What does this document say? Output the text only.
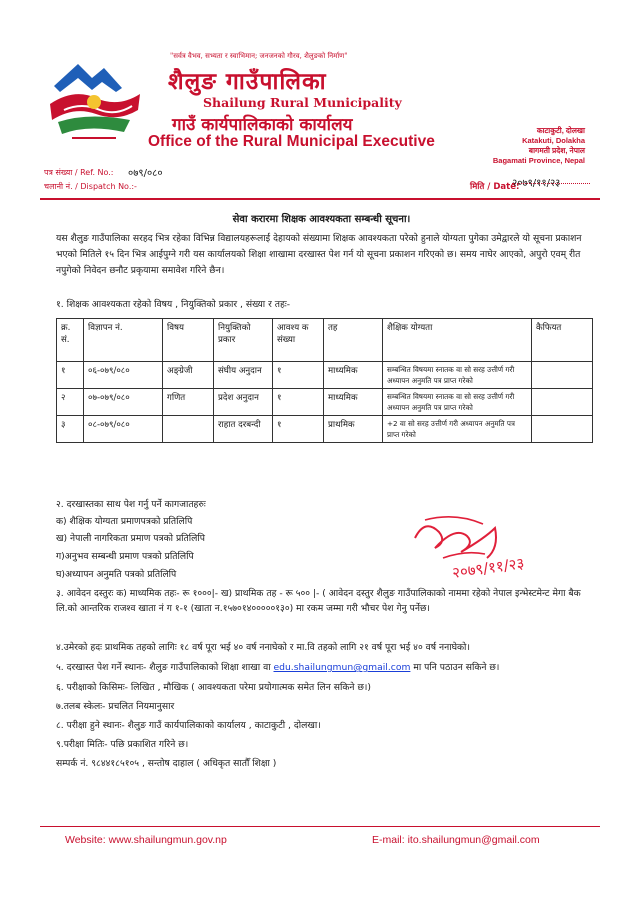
"सर्वत्र वैभव, सभ्यता र स्वाभिमान; जनजनको गौरव, शैलुङको निर्माण"
शैलुङ गाउँपालिका
Shailung Rural Municipality
गाउँ कार्यपालिकाको कार्यालय
Office of the Rural Municipal Executive
काटाकुटी, दोलखा
Katakuti, Dolakha
बागमती प्रदेश, नेपाल
Bagamati Province, Nepal
पत्र संख्या / Ref. No.: ०७९/०८०
चलानी नं. / Dispatch No.:-	मिति / Date:
२०७९/११/२३
सेवा करारमा शिक्षक आवश्यकता सम्बन्धी सूचना।
यस शैलुङ गाउँपालिका सरहद भित्र रहेका विभिन्न विद्यालयहरूलाई देहायको संख्यामा शिक्षक आवश्यकता परेको हुनाले योग्यता पुगेका उमेद्वारले यो सूचना प्रकाशन भएको मितिले १५ दिन भित्र आईपुग्ने गरी यस कार्यालयको शिक्षा शाखामा दरखास्त पेश गर्न यो सूचना प्रकाशन गरिएको छ। समय नाघेर आएको, अपुरो एवम् रीत नपुगेको निवेदन छनौट प्रकृयामा समावेश गरिने छैन।
१. शिक्षक आवश्यकता रहेको विषय , नियुक्तिको प्रकार , संख्या र तहः-
क्र. सं.	विज्ञापन नं.	विषय	नियुक्तिको प्रकार	आवश्य क संख्या	तह	शैक्षिक योग्यता	कैफियत
१	०६-०७९/०८०	अङ्ग्रेजी	संघीय अनुदान	१	माध्यमिक	सम्बन्धित विषयमा स्नातक वा सो सरह उत्तीर्ण गरी अध्यापन अनुमति पत्र प्राप्त गरेको	
२	०७-०७९/०८०	गणित	प्रदेश अनुदान	१	माध्यमिक	सम्बन्धित विषयमा स्नातक वा सो सरह उत्तीर्ण गरी अध्यापन अनुमति पत्र प्राप्त गरेको	
३	०८-०७९/०८०		राहात दरबन्दी	१	प्राथमिक	+2 वा सो सरह उत्तीर्ण गरी अध्यापन अनुमति पत्र प्राप्त गरेको	
२. दरखास्तका साथ पेश गर्नु पर्ने कागजातहरुः
क) शैक्षिक योग्यता प्रमाणपत्रको प्रतिलिपि
ख) नेपाली नागरिकता प्रमाण पत्रको प्रतिलिपि
ग)अनुभव सम्बन्धी प्रमाण पत्रको प्रतिलिपि
घ)अध्यापन अनुमति पत्रको प्रतिलिपि
३. आवेदन दस्तुरः क) माध्यमिक तहः- रू १०००|- ख) प्राथमिक तह - रू ५०० |- ( आवेदन दस्तुर शैलुङ गाउँपालिकाको नाममा रहेको नेपाल इन्भेस्टमेन्ट मेगा बैक लि.को आन्तरिक राजश्व खाता नं ग १-१ (खाता न.१५७०१४०००००१३०) मा रकम जम्मा गरी भौचर पेश गेनु पर्नेछ।
४.उमेरको हदः प्राथमिक तहको लागिः १८ वर्ष पूरा भई ४० वर्ष ननाघेको र मा.वि तहको लागि २१ वर्ष पूरा भई ४० वर्ष ननाघेको।
५. दरखास्त पेश गर्ने स्थानः- शैलुङ गाउँपालिकाको शिक्षा शाखा वा edu.shailungmun@gmail.com मा पनि पठाउन सकिने छ।
६. परीक्षाको किसिमः- लिखित , मौखिक ( आवश्यकता परेमा प्रयोगात्मक समेत लिन सकिने छ।)
७.तलब स्केलः- प्रचलित नियमानुसार
८. परीक्षा हुने स्थानः- शैलुङ गाउँ कार्यपालिकाको कार्यालय , काटाकुटी , दोलखा।
९.परीक्षा मितिः- पछि प्रकाशित गरिने छ।
सम्पर्क नं. ९८४४१८५१०५ , सन्तोष दाहाल ( अधिकृत सातौँ शिक्षा )
२०७९/११/२३
Website: www.shailungmun.gov.np	E-mail: ito.shailungmun@gmail.com
